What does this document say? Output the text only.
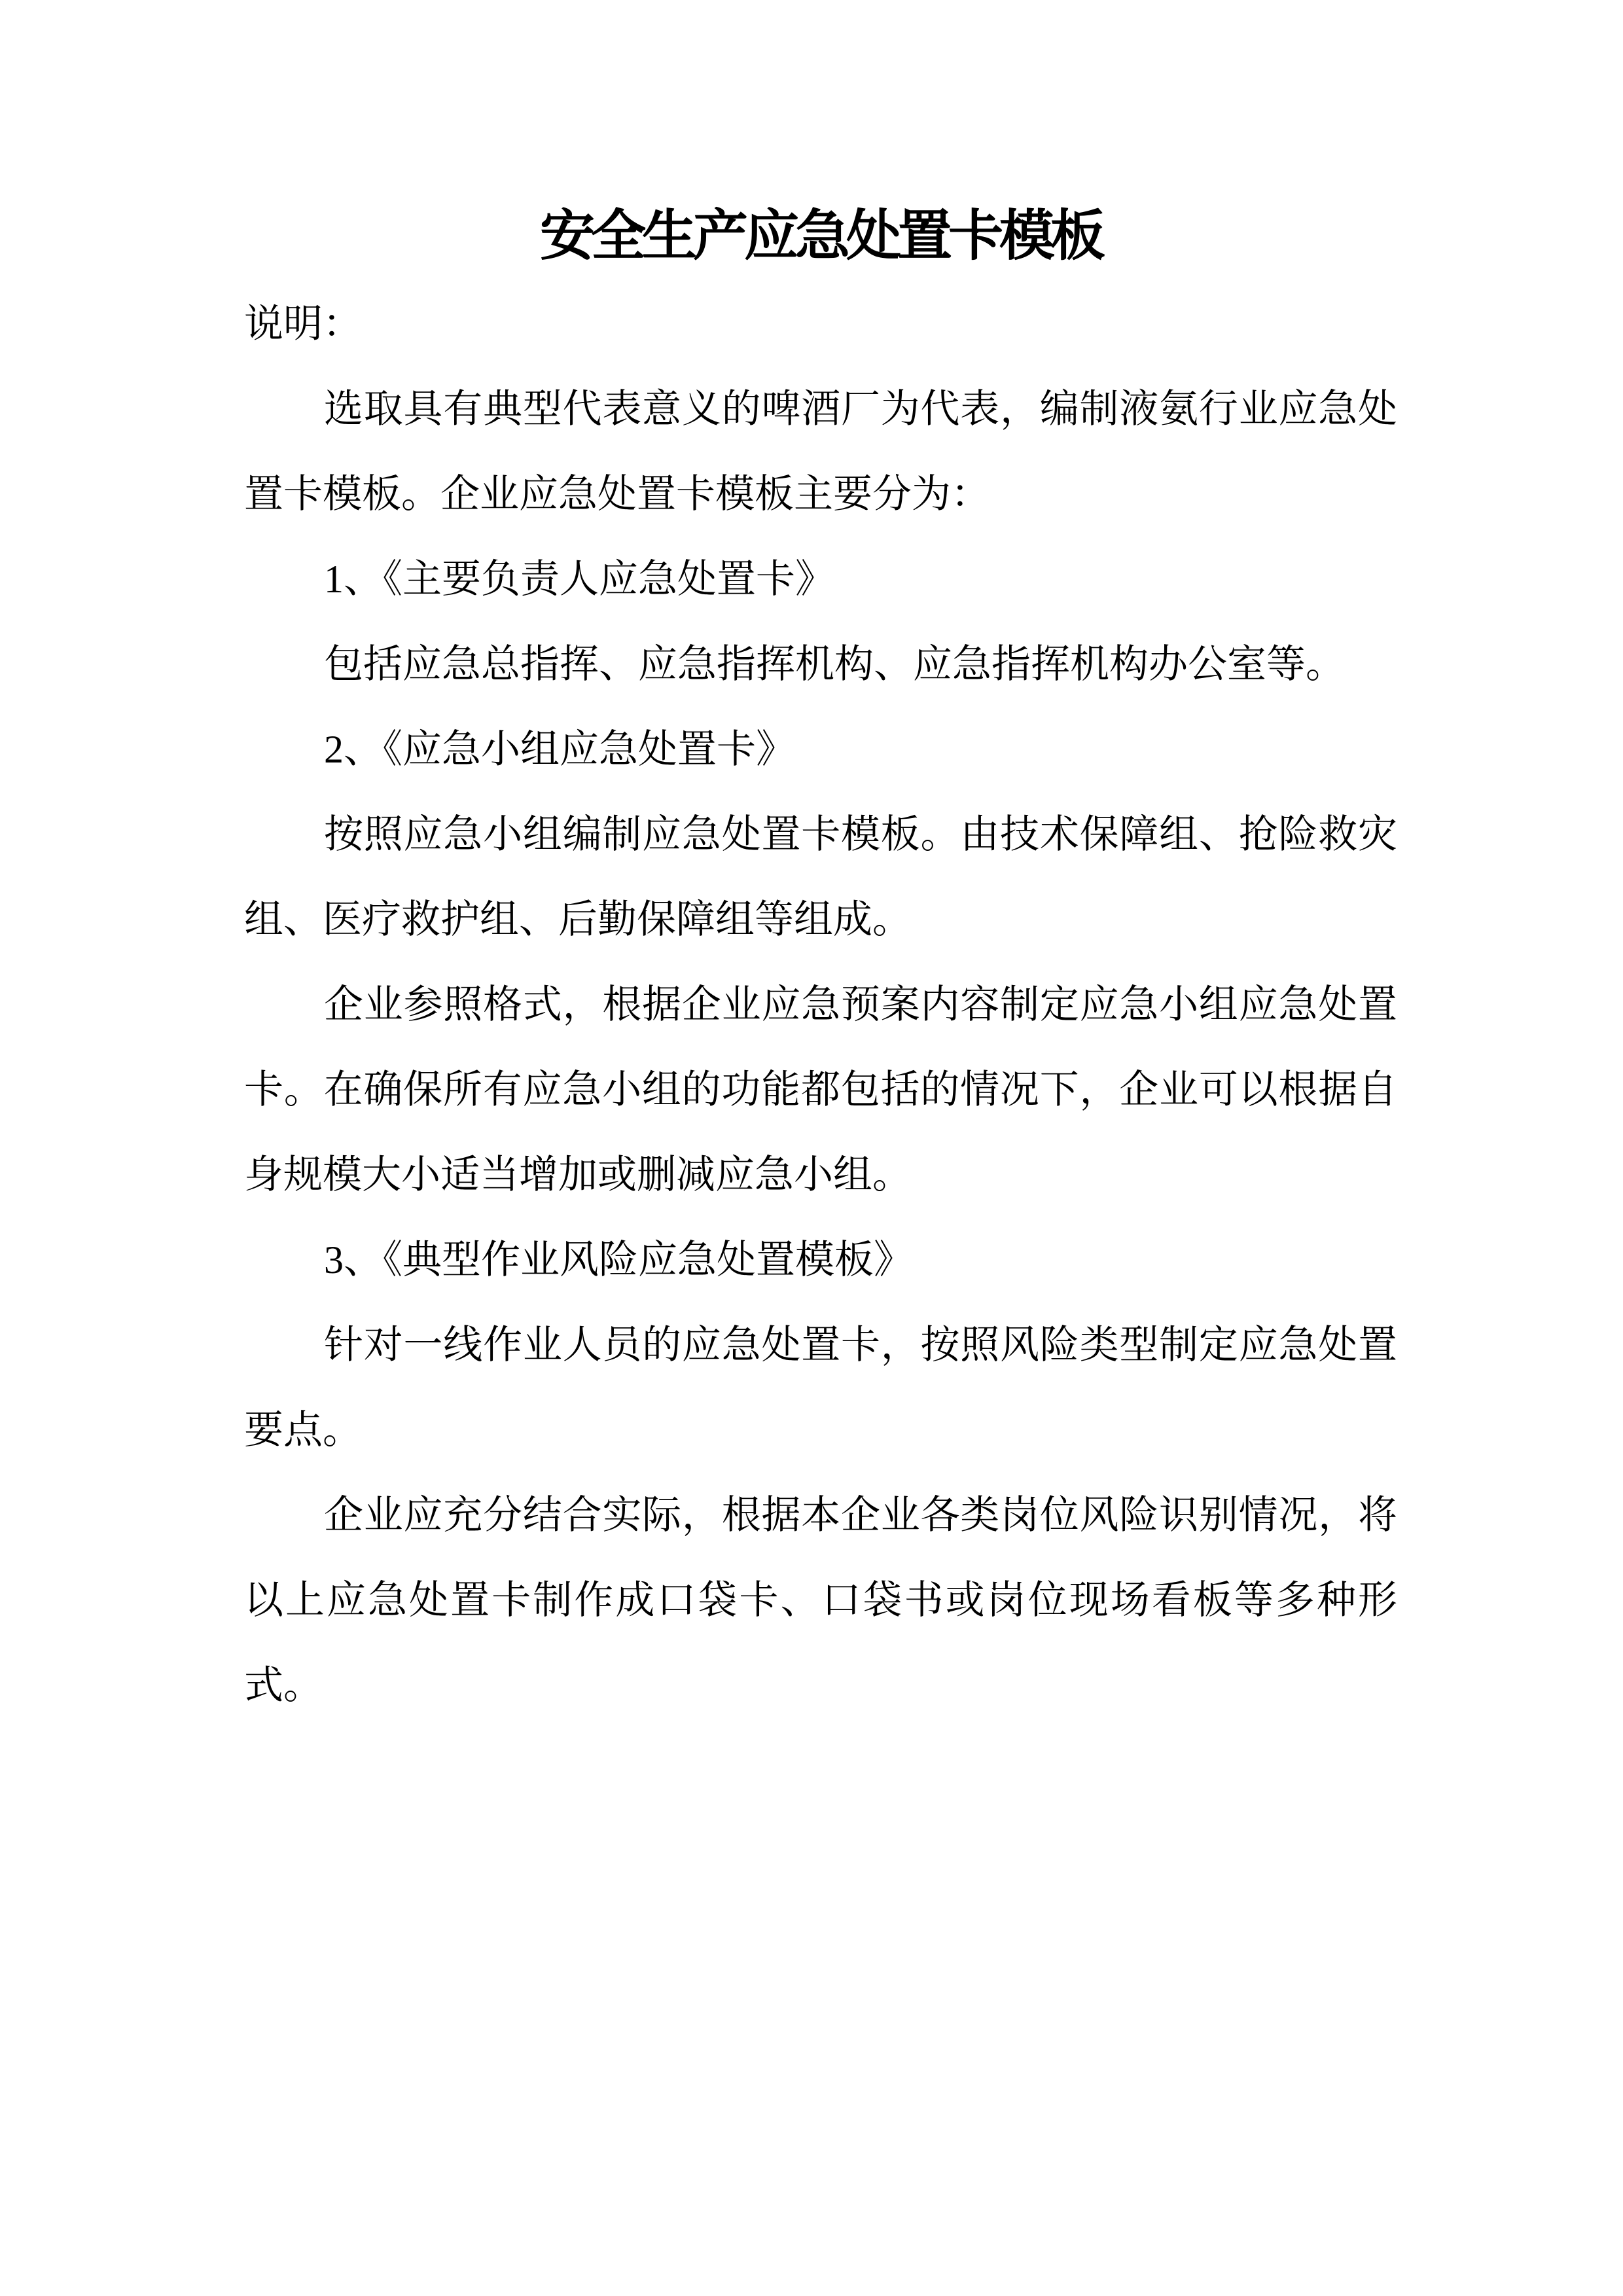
安全生产应急处置卡模板

说明：

选取具有典型代表意义的啤酒厂为代表，编制液氨行业应急处置卡模板。企业应急处置卡模板主要分为：

1、《主要负责人应急处置卡》

包括应急总指挥、应急指挥机构、应急指挥机构办公室等。

2、《应急小组应急处置卡》

按照应急小组编制应急处置卡模板。由技术保障组、抢险救灾组、医疗救护组、后勤保障组等组成。

企业参照格式，根据企业应急预案内容制定应急小组应急处置卡。在确保所有应急小组的功能都包括的情况下，企业可以根据自身规模大小适当增加或删减应急小组。

3、《典型作业风险应急处置模板》

针对一线作业人员的应急处置卡，按照风险类型制定应急处置要点。

企业应充分结合实际，根据本企业各类岗位风险识别情况，将以上应急处置卡制作成口袋卡、口袋书或岗位现场看板等多种形式。
